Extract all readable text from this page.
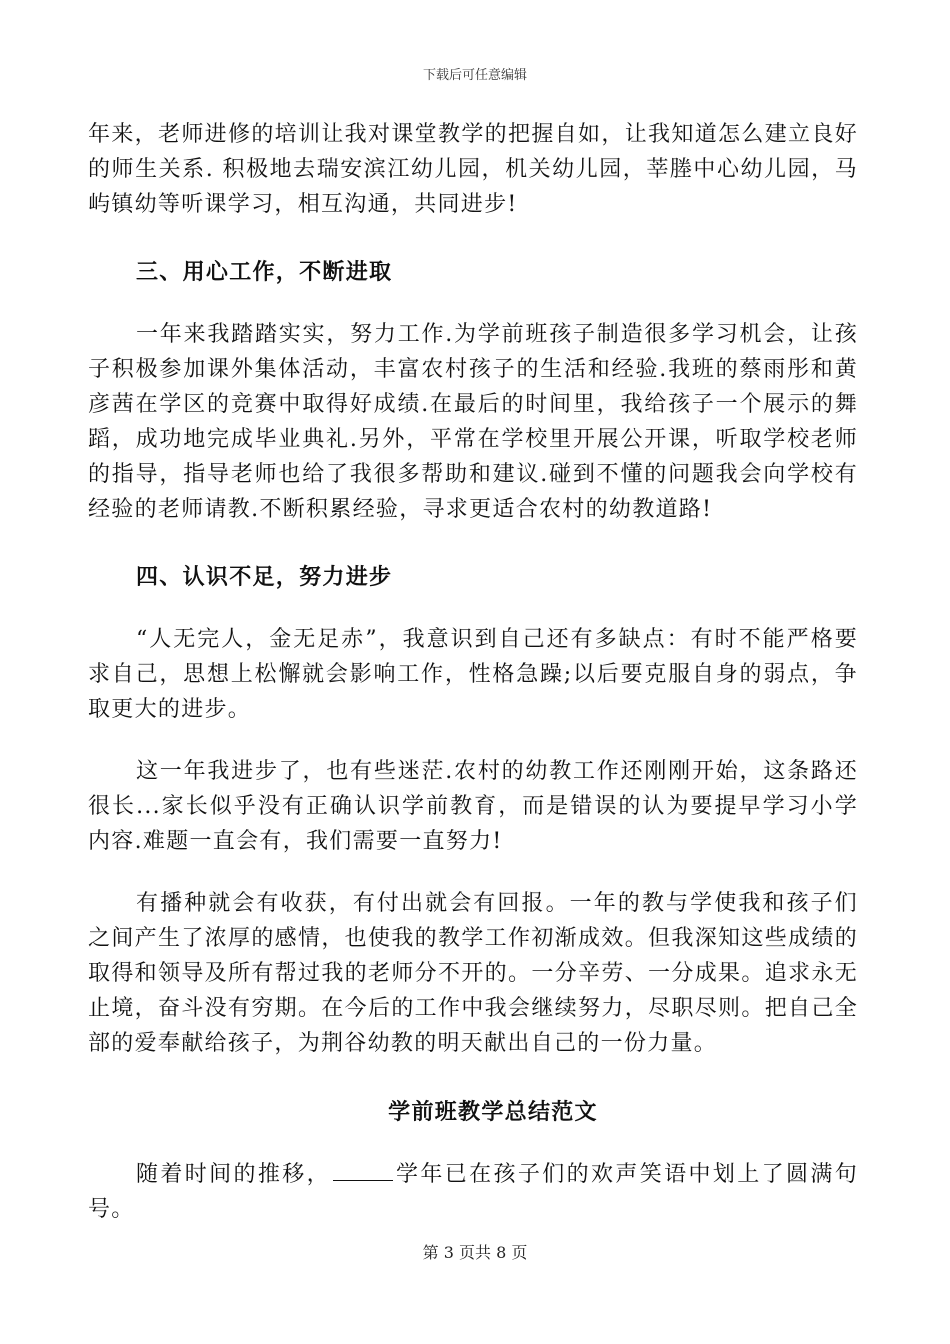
下载后可任意编辑

年来，老师进修的培训让我对课堂教学的把握自如，让我知道怎么建立良好的师生关系. 积极地去瑞安滨江幼儿园，机关幼儿园，莘塍中心幼儿园，马屿镇幼等听课学习，相互沟通，共同进步!

三、用心工作，不断进取

一年来我踏踏实实，努力工作.为学前班孩子制造很多学习机会，让孩子积极参加课外集体活动，丰富农村孩子的生活和经验.我班的蔡雨彤和黄彦茜在学区的竞赛中取得好成绩.在最后的时间里，我给孩子一个展示的舞蹈，成功地完成毕业典礼.另外，平常在学校里开展公开课，听取学校老师的指导，指导老师也给了我很多帮助和建议.碰到不懂的问题我会向学校有经验的老师请教.不断积累经验，寻求更适合农村的幼教道路!

四、认识不足，努力进步

“人无完人，金无足赤”，我意识到自己还有多缺点：有时不能严格要求自己，思想上松懈就会影响工作，性格急躁;以后要克服自身的弱点，争取更大的进步。

这一年我进步了，也有些迷茫.农村的幼教工作还刚刚开始，这条路还很长...家长似乎没有正确认识学前教育，而是错误的认为要提早学习小学内容.难题一直会有，我们需要一直努力!

有播种就会有收获，有付出就会有回报。一年的教与学使我和孩子们之间产生了浓厚的感情，也使我的教学工作初渐成效。但我深知这些成绩的取得和领导及所有帮过我的老师分不开的。一分辛劳、一分成果。追求永无止境，奋斗没有穷期。在今后的工作中我会继续努力，尽职尽则。把自己全部的爱奉献给孩子，为荆谷幼教的明天献出自己的一份力量。

学前班教学总结范文

随着时间的推移，	学年已在孩子们的欢声笑语中划上了圆满句号。

第 3 页共 8 页
